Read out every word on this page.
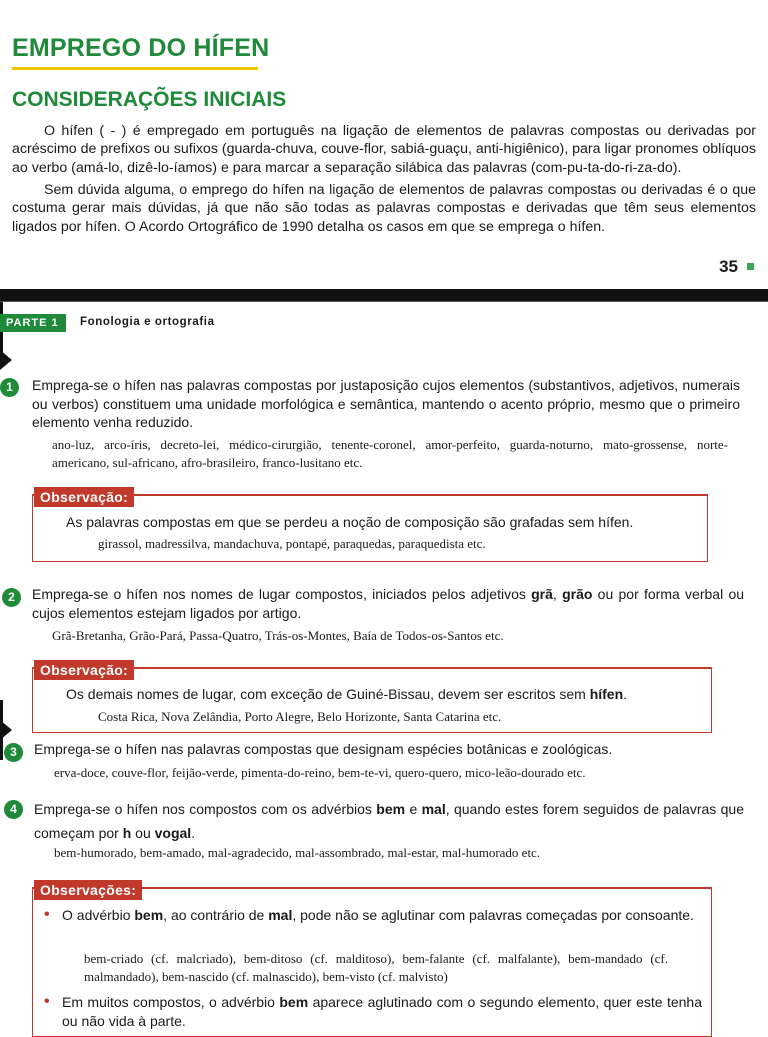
EMPREGO DO HÍFEN
CONSIDERAÇÕES INICIAIS

O hífen ( - ) é empregado em português na ligação de elementos de palavras compostas ou derivadas por acréscimo de prefixos ou sufixos (guarda-chuva, couve-flor, sabiá-guaçu, anti-higiênico), para ligar pronomes oblíquos ao verbo (amá-lo, dizê-lo-íamos) e para marcar a separação silábica das palavras (com-pu-ta-do-ri-za-do).

Sem dúvida alguma, o emprego do hífen na ligação de elementos de palavras compostas ou derivadas é o que costuma gerar mais dúvidas, já que não são todas as palavras compostas e derivadas que têm seus elementos ligados por hífen. O Acordo Ortográfico de 1990 detalha os casos em que se emprega o hífen.

35
PARTE 1	Fonologia e ortografia
1	Emprega-se o hífen nas palavras compostas por justaposição cujos elementos (substantivos, adjetivos, numerais ou verbos) constituem uma unidade morfológica e semântica, mantendo o acento próprio, mesmo que o primeiro elemento venha reduzido.
ano-luz, arco-íris, decreto-lei, médico-cirurgião, tenente-coronel, amor-perfeito, guarda-noturno, mato-grossense, norte-americano, sul-africano, afro-brasileiro, franco-lusitano etc.
Observação:
As palavras compostas em que se perdeu a noção de composição são grafadas sem hífen.
girassol, madressilva, mandachuva, pontapé, paraquedas, paraquedista etc.
2	Emprega-se o hífen nos nomes de lugar compostos, iniciados pelos adjetivos grã, grão ou por forma verbal ou cujos elementos estejam ligados por artigo.
Grã-Bretanha, Grão-Pará, Passa-Quatro, Trás-os-Montes, Baía de Todos-os-Santos etc.
Observação:
Os demais nomes de lugar, com exceção de Guiné-Bissau, devem ser escritos sem hífen.
Costa Rica, Nova Zelândia, Porto Alegre, Belo Horizonte, Santa Catarina etc.
3	Emprega-se o hífen nas palavras compostas que designam espécies botânicas e zoológicas.
erva-doce, couve-flor, feijão-verde, pimenta-do-reino, bem-te-vi, quero-quero, mico-leão-dourado etc.
4	Emprega-se o hífen nos compostos com os advérbios bem e mal, quando estes forem seguidos de palavras que começam por h ou vogal.
bem-humorado, bem-amado, mal-agradecido, mal-assombrado, mal-estar, mal-humorado etc.
Observações:
• O advérbio bem, ao contrário de mal, pode não se aglutinar com palavras começadas por consoante.
bem-criado (cf. malcriado), bem-ditoso (cf. malditoso), bem-falante (cf. malfalante), bem-mandado (cf. malmandado), bem-nascido (cf. malnascido), bem-visto (cf. malvisto)
• Em muitos compostos, o advérbio bem aparece aglutinado com o segundo elemento, quer este tenha ou não vida à parte.
